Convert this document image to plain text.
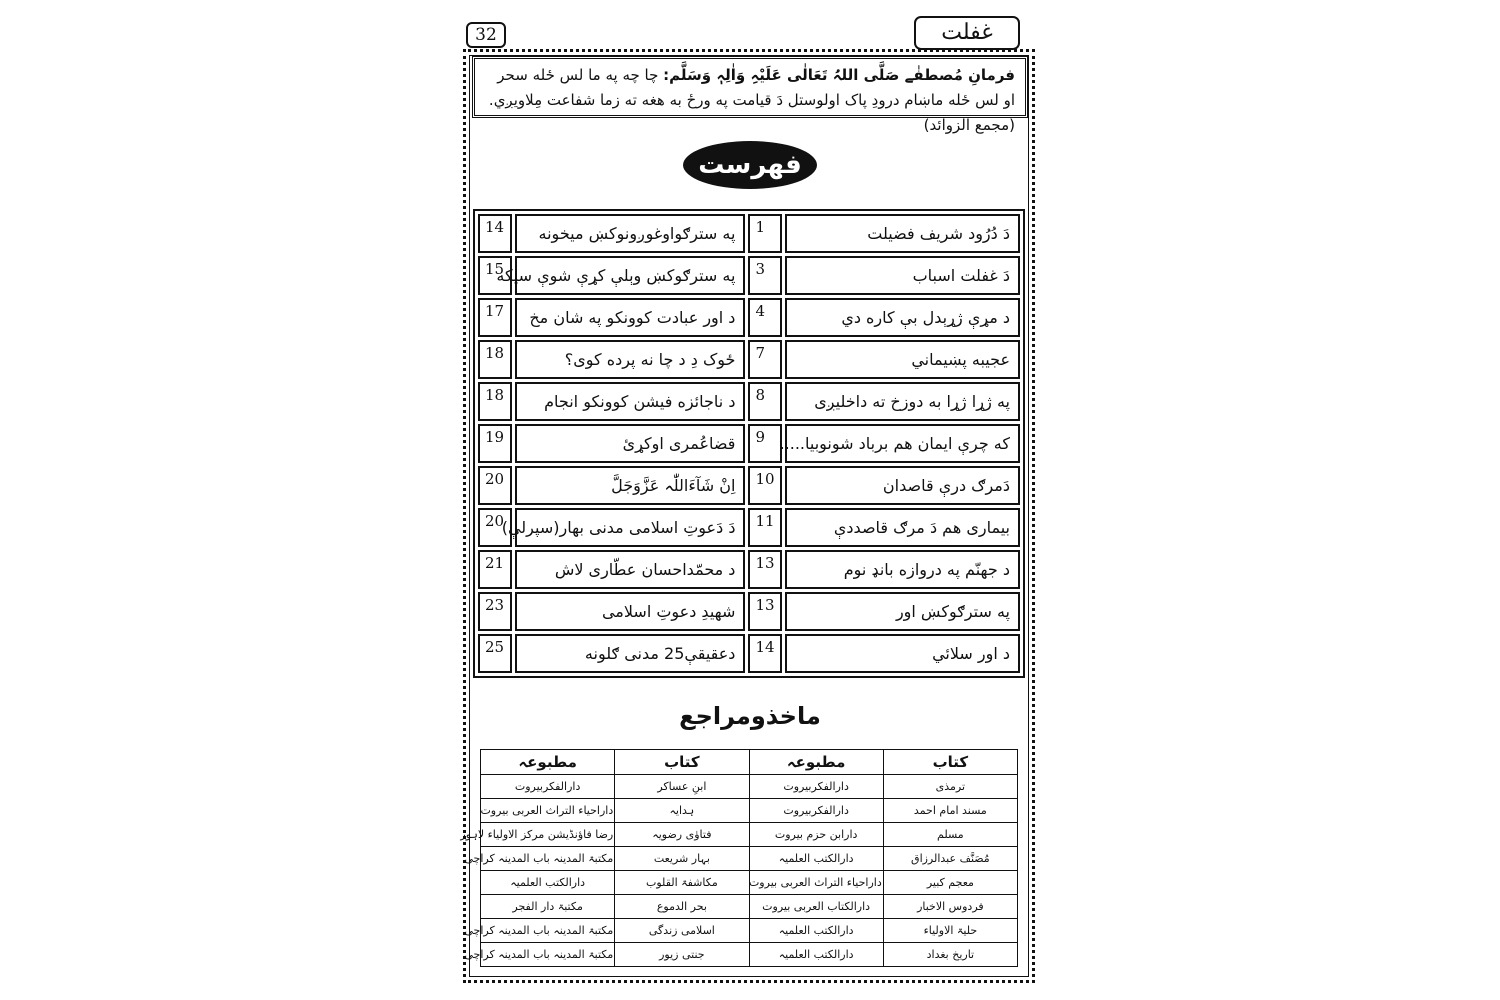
32	غفلت
فرمانِ مُصطفٰے صَلَّی اللہُ تَعَالٰی عَلَیْہِ وَاٰلِہٖ وَسَلَّم: چا چه په ما لس ځله سحر او لس ځله ماښام درودِ پاک اولوستل دَ قیامت په ورځ به هغه ته زما شفاعت مِلاویږي. (مجمع الزوائد)
فهرست
14	په سترګواوغوږونوکښ میخونه	1	دَ دُرُود شریف فضیلت
15	په سترګوکښ وېلې کړې شوې سیکه	3	دَ غفلت اسباب
17	د اور عبادت کوونکو په شان مخ	4	د مړې ژړېدل بې کاره دي
18	ځوک دِ د چا نه پرده کوی؟	7	عجیبه پښیماني
18	د ناجائزه فیشن کوونکو انجام	8	په ژړا ژړا به دوزخ ته داخلیږی
19	قضاعُمری اوکړئ	9	که چرې ایمان هم برباد شونوبیا.....
20	اِنْ شَآءَاللّٰہ عَزَّوَجَلَّ	10	دَمرګ درې قاصدان
20	دَ دَعوتِ اسلامی مدنی بهار(سپرلې)	11	بیماری هم دَ مرګ قاصددې
21	د محمّداحسان عطّاری لاش	13	د جهنّم په دروازه بانډ نوم
23	شهیدِ دعوتِ اسلامی	13	په سترګوکښ اور
25	دعقیقې25 مدنی ګلونه	14	د اور سلائي
ماخذومراجع
کتاب	مطبوعہ	کتاب	مطبوعہ
ترمذی	دارالفکربیروت	ابنِ عساکر	دارالفکربیروت
مسند امام احمد	دارالفکربیروت	ہدایہ	داراحیاء التراث العربی بیروت
مسلم	دارابن حزم بیروت	فتاوٰی رضویہ	رضا فاؤنڈیشن مرکز الاولیاء لاہور
مُصَنَّف عبدالرزاق	دارالکتب العلمیہ	بہار شریعت	مکتبۃ المدینہ باب المدینہ کراچی
معجم کبیر	داراحیاء التراث العربی بیروت	مکاشفۃ القلوب	دارالکتب العلمیہ
فردوس الاخبار	دارالکتاب العربی بیروت	بحر الدموع	مکتبۃ دار الفجر
حلیۃ الاولیاء	دارالکتب العلمیہ	اسلامی زندگی	مکتبۃ المدینہ باب المدینہ کراچی
تاریخ بغداد	دارالکتب العلمیہ	جنتی زیور	مکتبۃ المدینہ باب المدینہ کراچی
